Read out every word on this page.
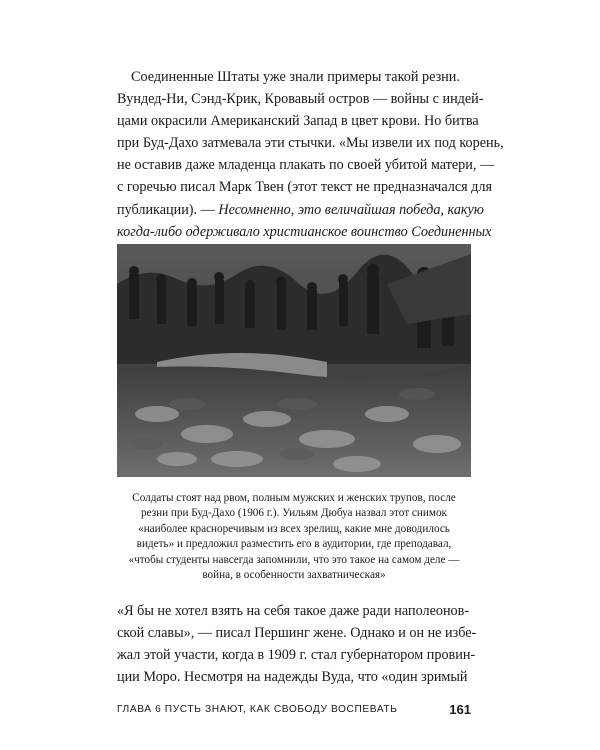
Соединенные Штаты уже знали примеры такой резни.
Вундед-Ни, Сэнд-Крик, Кровавый остров — войны с индей-
цами окрасили Американский Запад в цвет крови. Но битва
при Буд-Дахо затмевала эти стычки. «Мы извели их под корень,
не оставив даже младенца плакать по своей убитой матери, —
с горечью писал Марк Твен (этот текст не предназначался для
публикации). — Несомненно, это величайшая победа, какую
когда-либо одерживало христианское воинство Соединенных

Солдаты стоят над рвом, полным мужских и женских трупов, после
резни при Буд-Дахо (1906 г.). Уильям Дюбуа назвал этот снимок
«наиболее красноречивым из всех зрелищ, какие мне доводилось
видеть» и предложил разместить его в аудитории, где преподавал,
«чтобы студенты навсегда запомнили, что это такое на самом деле —
война, в особенности захватническая»

«Я бы не хотел взять на себя такое даже ради наполеонов-
ской славы», — писал Першинг жене. Однако и он не избе-
жал этой участи, когда в 1909 г. стал губернатором провин-
ции Моро. Несмотря на надежды Вуда, что «один зримый

ГЛАВА 6 ПУСТЬ ЗНАЮТ, КАК СВОБОДУ ВОСПЕВАТЬ	161
